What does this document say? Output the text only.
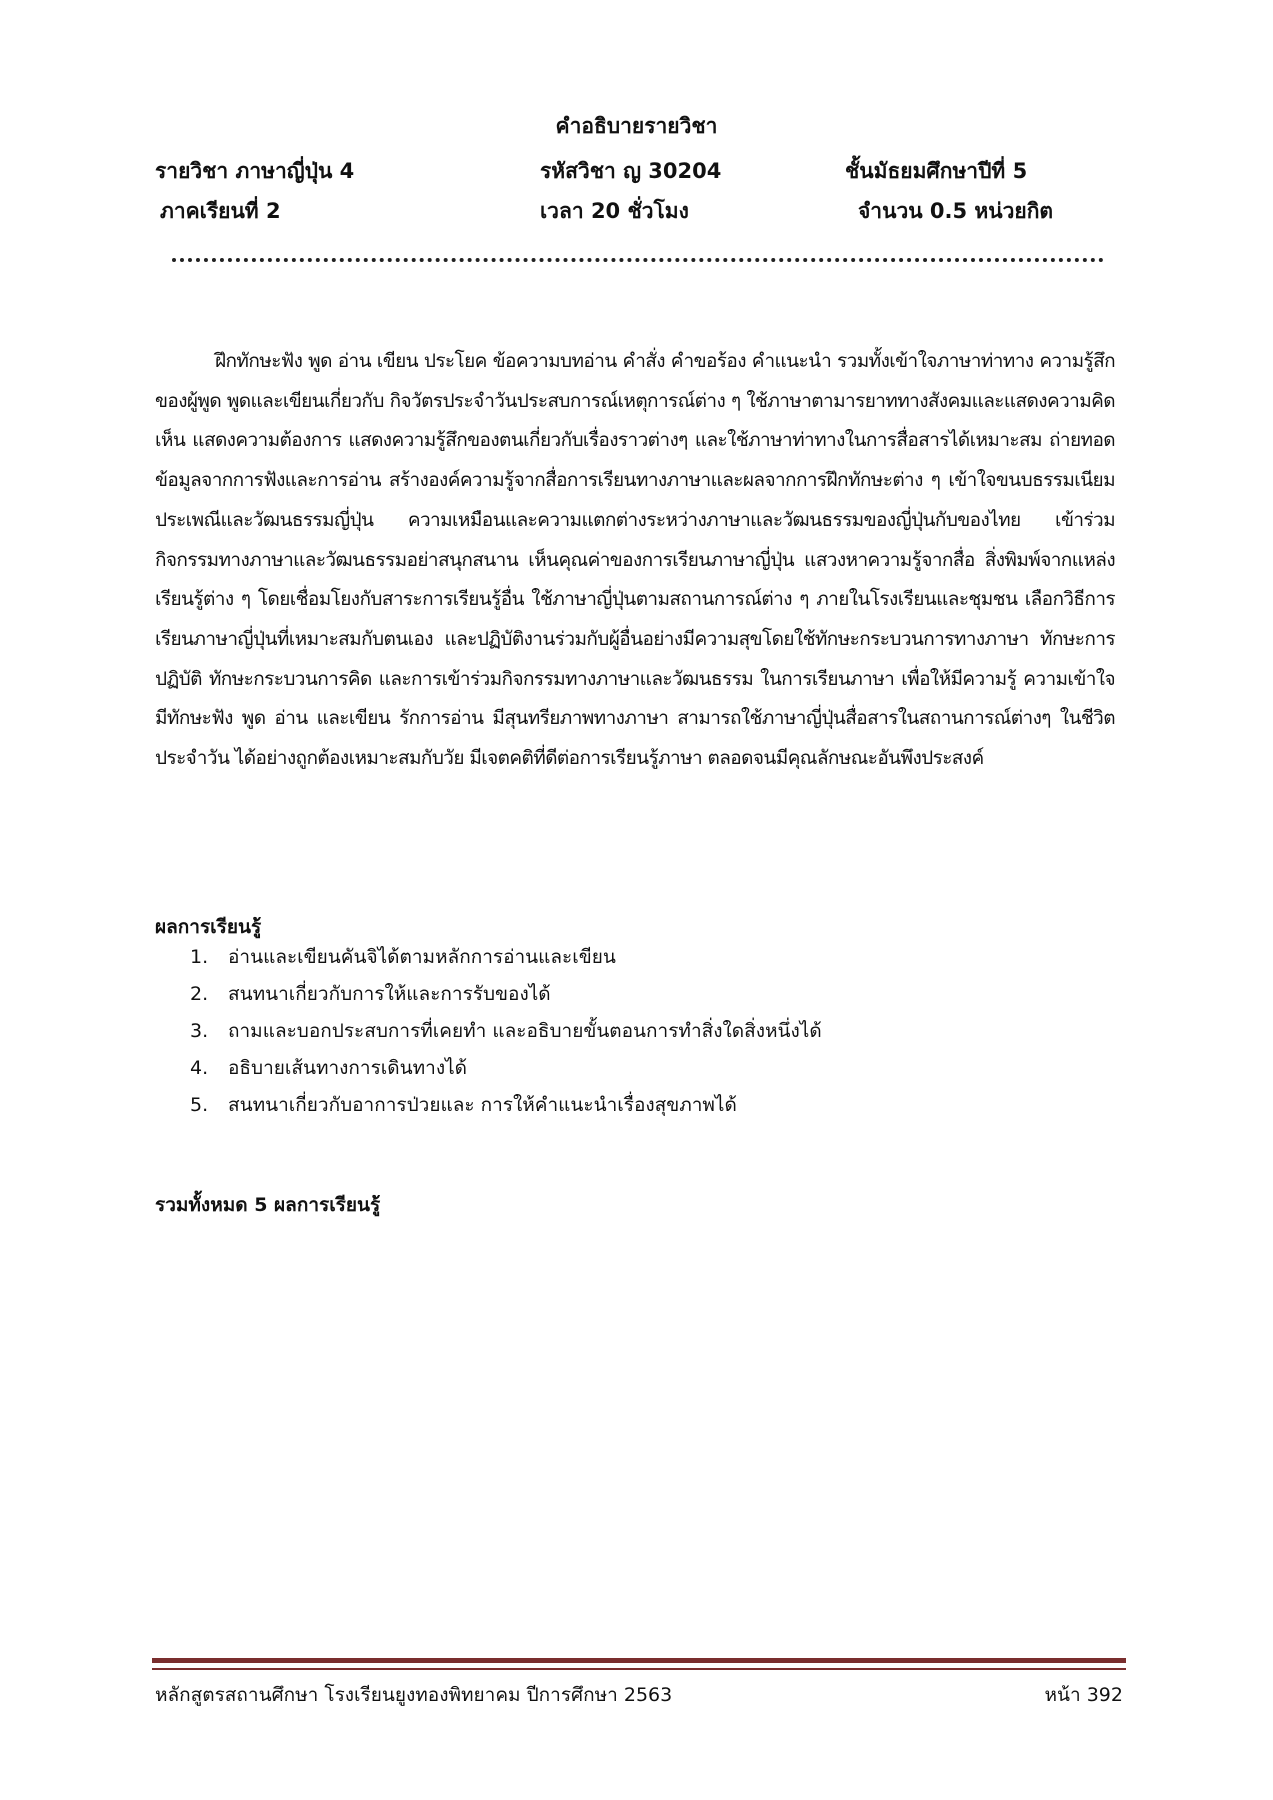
คำอธิบายรายวิชา
รายวิชา ภาษาญี่ปุ่น 4	รหัสวิชา ญ 30204	ชั้นมัธยมศึกษาปีที่ 5
ภาคเรียนที่ 2	เวลา 20 ชั่วโมง	จำนวน 0.5 หน่วยกิต

ฝึกทักษะฟัง พูด อ่าน เขียน ประโยค ข้อความบทอ่าน คำสั่ง คำขอร้อง คำแนะนำ รวมทั้งเข้าใจภาษาท่าทาง ความรู้สึกของผู้พูด พูดและเขียนเกี่ยวกับ กิจวัตรประจำวันประสบการณ์เหตุการณ์ต่าง ๆ ใช้ภาษาตามารยาททางสังคมและแสดงความคิดเห็น แสดงความต้องการ แสดงความรู้สึกของตนเกี่ยวกับเรื่องราวต่างๆ และใช้ภาษาท่าทางในการสื่อสารได้เหมาะสม ถ่ายทอดข้อมูลจากการฟังและการอ่าน สร้างองค์ความรู้จากสื่อการเรียนทางภาษาและผลจากการฝึกทักษะต่าง ๆ เข้าใจขนบธรรมเนียมประเพณีและวัฒนธรรมญี่ปุ่น ความเหมือนและความแตกต่างระหว่างภาษาและวัฒนธรรมของญี่ปุ่นกับของไทย เข้าร่วมกิจกรรมทางภาษาและวัฒนธรรมอย่าสนุกสนาน เห็นคุณค่าของการเรียนภาษาญี่ปุ่น แสวงหาความรู้จากสื่อ สิ่งพิมพ์จากแหล่งเรียนรู้ต่าง ๆ โดยเชื่อมโยงกับสาระการเรียนรู้อื่น ใช้ภาษาญี่ปุ่นตามสถานการณ์ต่าง ๆ ภายในโรงเรียนและชุมชน เลือกวิธีการเรียนภาษาญี่ปุ่นที่เหมาะสมกับตนเอง และปฏิบัติงานร่วมกับผู้อื่นอย่างมีความสุขโดยใช้ทักษะกระบวนการทางภาษา ทักษะการปฏิบัติ ทักษะกระบวนการคิด และการเข้าร่วมกิจกรรมทางภาษาและวัฒนธรรม ในการเรียนภาษา เพื่อให้มีความรู้ ความเข้าใจ มีทักษะฟัง พูด อ่าน และเขียน รักการอ่าน มีสุนทรียภาพทางภาษา สามารถใช้ภาษาญี่ปุ่นสื่อสารในสถานการณ์ต่างๆ ในชีวิตประจำวัน ได้อย่างถูกต้องเหมาะสมกับวัย มีเจตคติที่ดีต่อการเรียนรู้ภาษา ตลอดจนมีคุณลักษณะอันพึงประสงค์

ผลการเรียนรู้
1. อ่านและเขียนคันจิได้ตามหลักการอ่านและเขียน
2. สนทนาเกี่ยวกับการให้และการรับของได้
3. ถามและบอกประสบการที่เคยทำ และอธิบายขั้นตอนการทำสิ่งใดสิ่งหนึ่งได้
4. อธิบายเส้นทางการเดินทางได้
5. สนทนาเกี่ยวกับอาการป่วยและ การให้คำแนะนำเรื่องสุขภาพได้
รวมทั้งหมด 5 ผลการเรียนรู้
หลักสูตรสถานศึกษา โรงเรียนยูงทองพิทยาคม ปีการศึกษา 2563	หน้า 392
